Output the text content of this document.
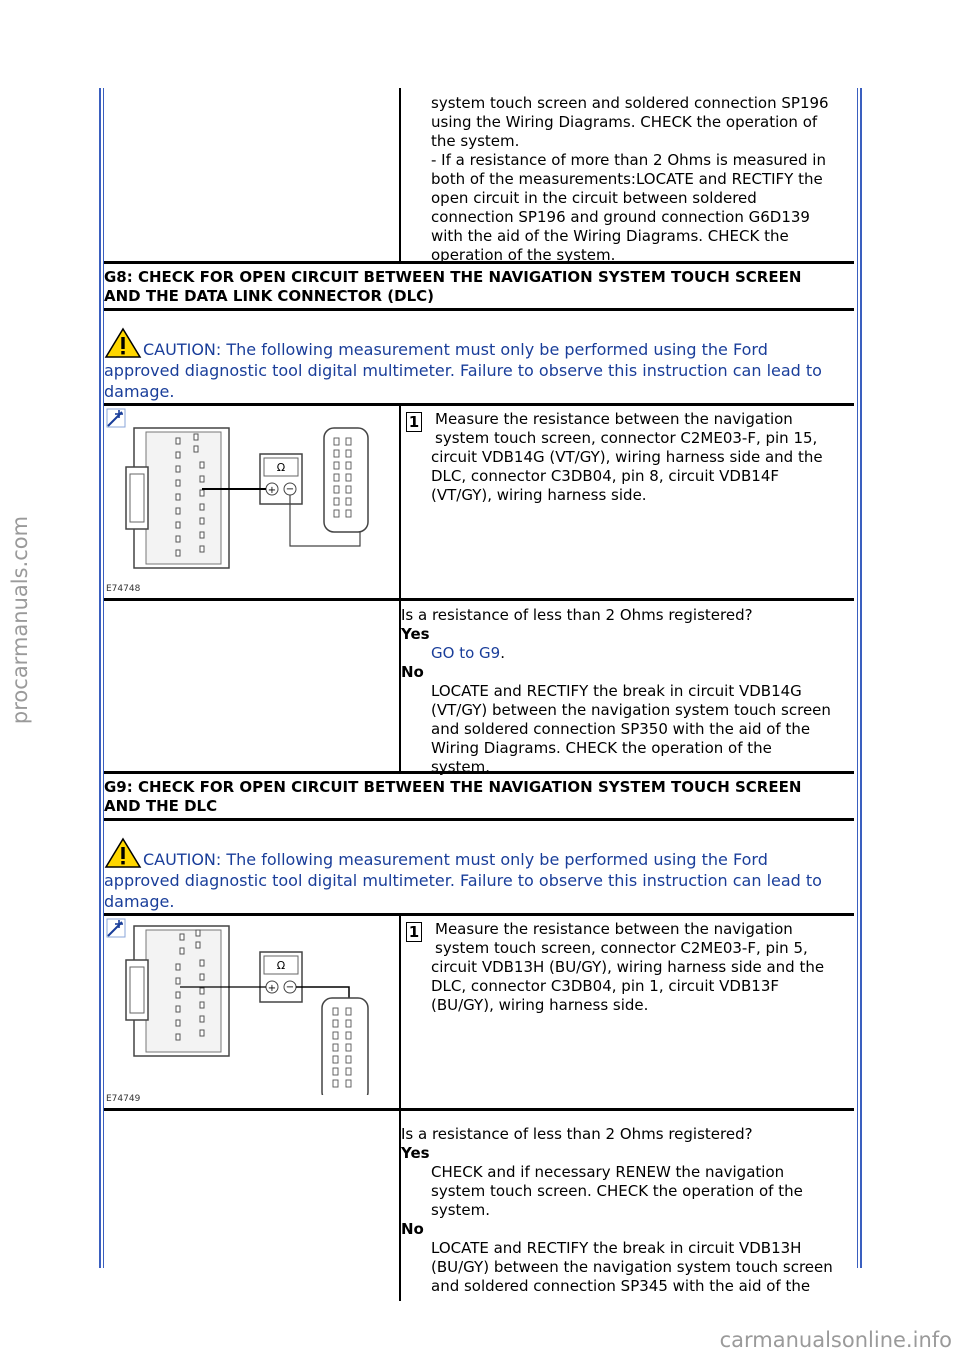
procarmanuals.com
system touch screen and soldered connection SP196
using the Wiring Diagrams. CHECK the operation of
the system.
- If a resistance of more than 2 Ohms is measured in
both of the measurements:LOCATE and RECTIFY the
open circuit in the circuit between soldered
connection SP196 and ground connection G6D139
with the aid of the Wiring Diagrams. CHECK the
operation of the system.
G8: CHECK FOR OPEN CIRCUIT BETWEEN THE NAVIGATION SYSTEM TOUCH SCREEN
AND THE DATA LINK CONNECTOR (DLC)
CAUTION: The following measurement must only be performed using the Ford
approved diagnostic tool digital multimeter. Failure to observe this instruction can lead to
damage.
Ω
+ −
E74748
1 Measure the resistance between the navigation
system touch screen, connector C2ME03-F, pin 15,
circuit VDB14G (VT/GY), wiring harness side and the
DLC, connector C3DB04, pin 8, circuit VDB14F
(VT/GY), wiring harness side.
Is a resistance of less than 2 Ohms registered?
Yes
GO to G9.
No
LOCATE and RECTIFY the break in circuit VDB14G
(VT/GY) between the navigation system touch screen
and soldered connection SP350 with the aid of the
Wiring Diagrams. CHECK the operation of the
system.
G9: CHECK FOR OPEN CIRCUIT BETWEEN THE NAVIGATION SYSTEM TOUCH SCREEN
AND THE DLC
CAUTION: The following measurement must only be performed using the Ford
approved diagnostic tool digital multimeter. Failure to observe this instruction can lead to
damage.
Ω
+ −
E74749
1 Measure the resistance between the navigation
system touch screen, connector C2ME03-F, pin 5,
circuit VDB13H (BU/GY), wiring harness side and the
DLC, connector C3DB04, pin 1, circuit VDB13F
(BU/GY), wiring harness side.
Is a resistance of less than 2 Ohms registered?
Yes
CHECK and if necessary RENEW the navigation
system touch screen. CHECK the operation of the
system.
No
LOCATE and RECTIFY the break in circuit VDB13H
(BU/GY) between the navigation system touch screen
and soldered connection SP345 with the aid of the
carmanualsonline.info
